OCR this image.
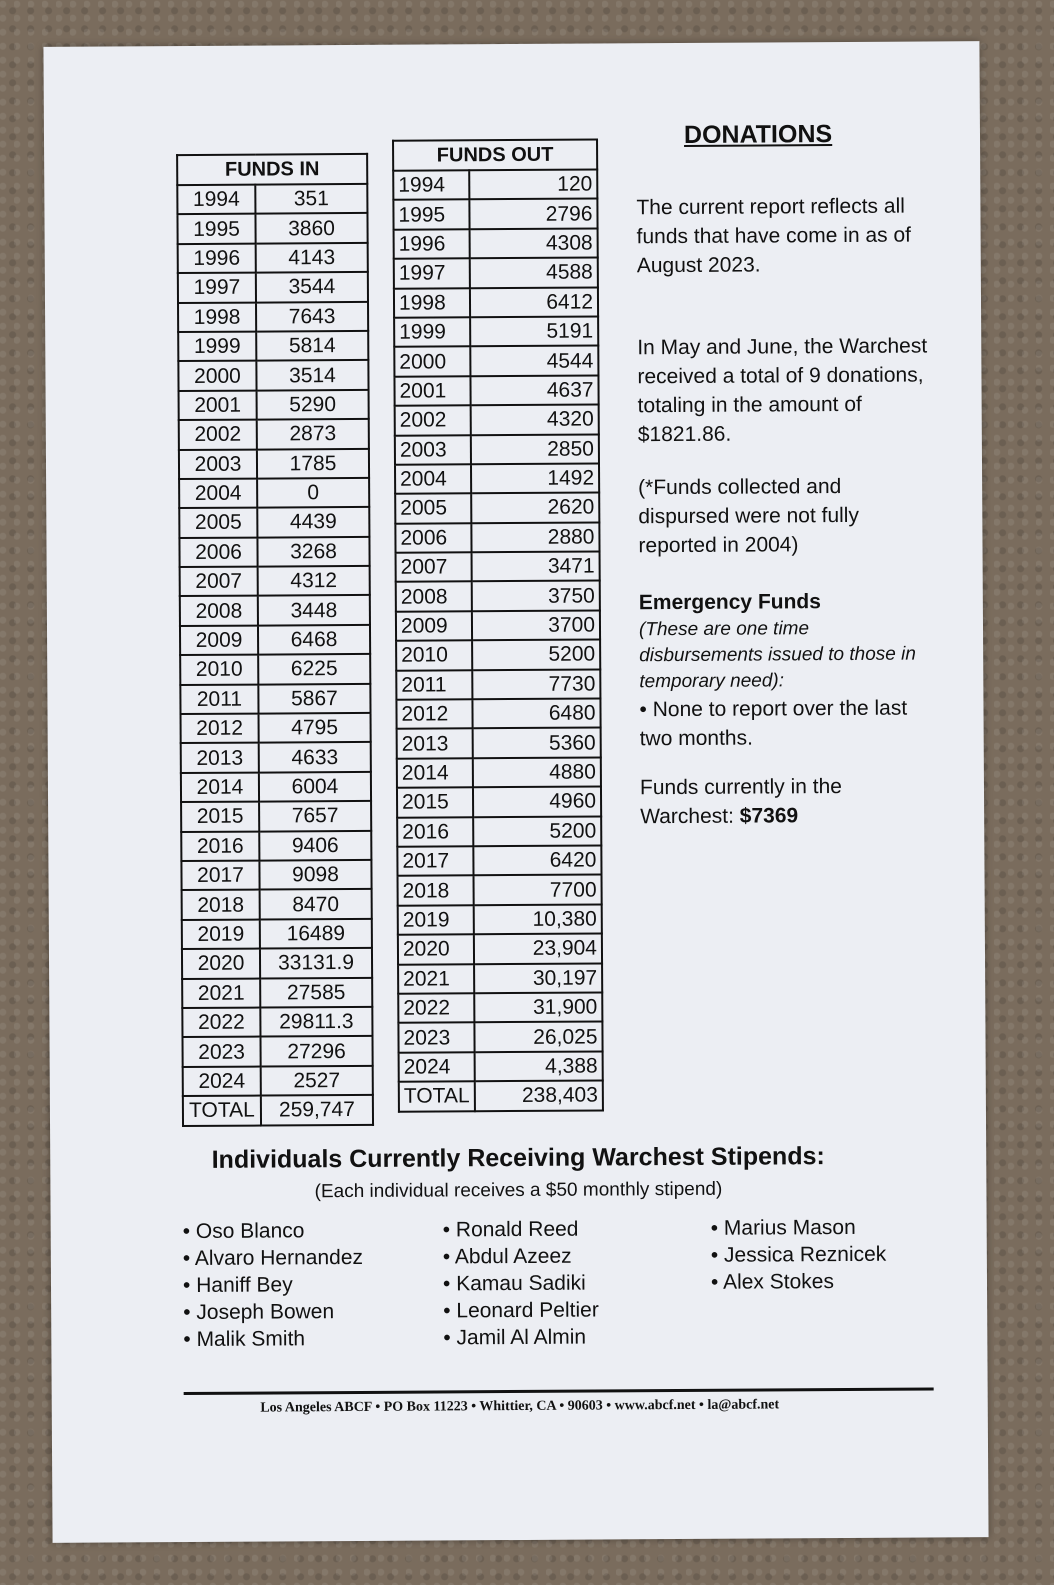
FUNDS IN	
1994	351
1995	3860
1996	4143
1997	3544
1998	7643
1999	5814
2000	3514
2001	5290
2002	2873
2003	1785
2004	0
2005	4439
2006	3268
2007	4312
2008	3448
2009	6468
2010	6225
2011	5867
2012	4795
2013	4633
2014	6004
2015	7657
2016	9406
2017	9098
2018	8470
2019	16489
2020	33131.9
2021	27585
2022	29811.3
2023	27296
2024	2527
TOTAL	259,747
FUNDS OUT	
1994	120
1995	2796
1996	4308
1997	4588
1998	6412
1999	5191
2000	4544
2001	4637
2002	4320
2003	2850
2004	1492
2005	2620
2006	2880
2007	3471
2008	3750
2009	3700
2010	5200
2011	7730
2012	6480
2013	5360
2014	4880
2015	4960
2016	5200
2017	6420
2018	7700
2019	10,380
2020	23,904
2021	30,197
2022	31,900
2023	26,025
2024	4,388
TOTAL	238,403
DONATIONS
The current report reflects all funds that have come in as of August 2023.
In May and June, the Warchest received a total of 9 donations, totaling in the amount of $1821.86.
(*Funds collected and dispursed were not fully reported in 2004)
Emergency Funds
(These are one time disbursements issued to those in temporary need):
• None to report over the last two months.
Funds currently in the Warchest: $7369
Individuals Currently Receiving Warchest Stipends:
(Each individual receives a $50 monthly stipend)
• Oso Blanco
• Alvaro Hernandez
• Haniff Bey
• Joseph Bowen
• Malik Smith
• Ronald Reed
• Abdul Azeez
• Kamau Sadiki
• Leonard Peltier
• Jamil Al Almin
• Marius Mason
• Jessica Reznicek
• Alex Stokes
Los Angeles ABCF • PO Box 11223 • Whittier, CA • 90603 • www.abcf.net • la@abcf.net
